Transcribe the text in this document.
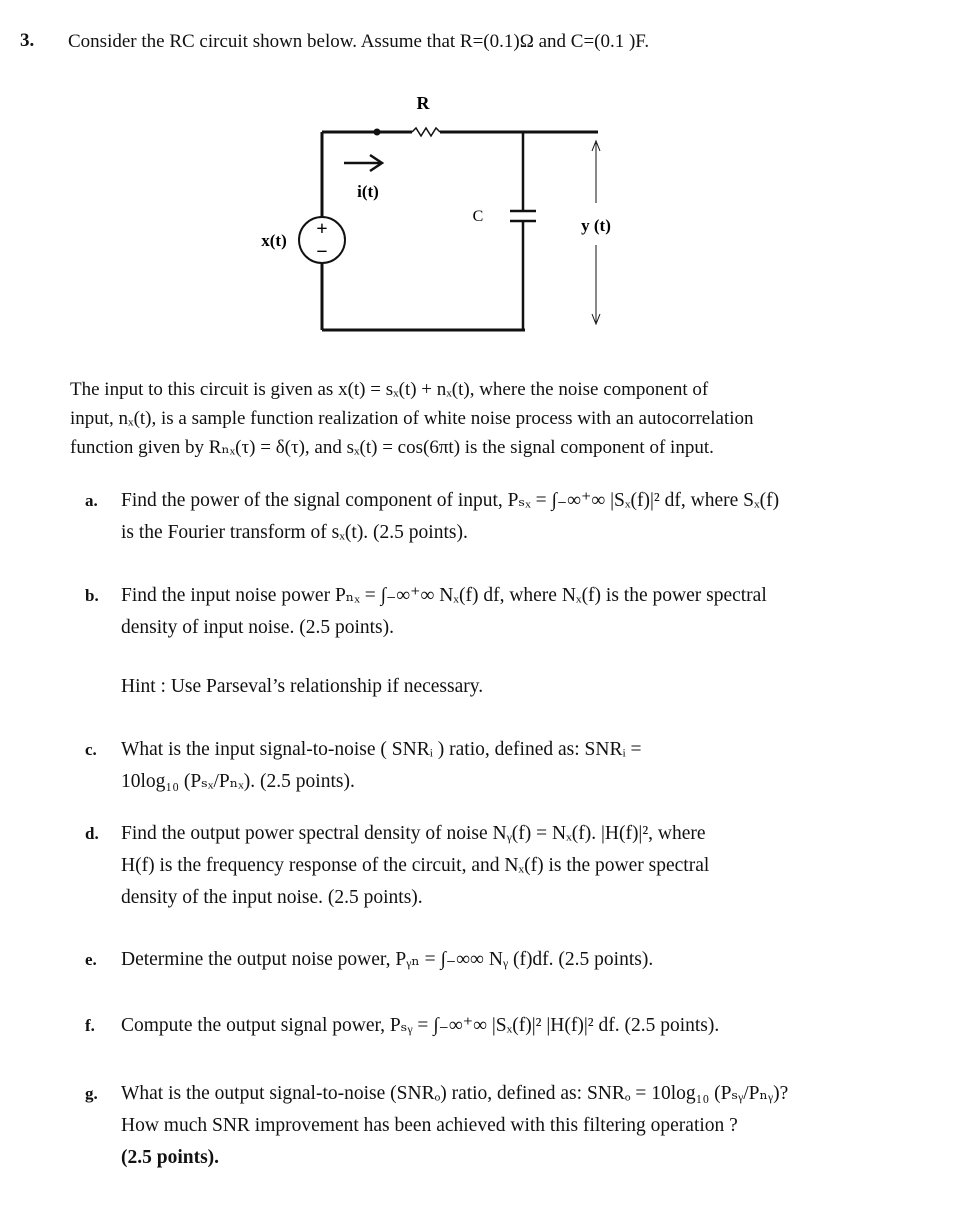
3. Consider the RC circuit shown below. Assume that R=(0.1)Ω and C=(0.1 )F.
R
i(t)
C	y (t)
x(t)
+
−
The input to this circuit is given as x(t) = sₓ(t) + nₓ(t), where the noise component of
input, nₓ(t), is a sample function realization of white noise process with an autocorrelation
function given by Rₙₓ(τ) = δ(τ), and sₓ(t) = cos(6πt) is the signal component of input.
a. Find the power of the signal component of input, Pₛₓ = ∫₋∞⁺∞ |Sₓ(f)|² df, where Sₓ(f)
is the Fourier transform of sₓ(t). (2.5 points).
b. Find the input noise power Pₙₓ = ∫₋∞⁺∞ Nₓ(f) df, where Nₓ(f) is the power spectral
density of input noise. (2.5 points).
Hint : Use Parseval’s relationship if necessary.
c. What is the input signal-to-noise ( SNRᵢ ) ratio, defined as: SNRᵢ =
10log₁₀ (Pₛₓ/Pₙₓ). (2.5 points).
d. Find the output power spectral density of noise Nᵧ(f) = Nₓ(f). |H(f)|², where
H(f) is the frequency response of the circuit, and Nₓ(f) is the power spectral
density of the input noise. (2.5 points).
e. Determine the output noise power, Pᵧₙ = ∫₋∞∞ Nᵧ (f)df. (2.5 points).
f. Compute the output signal power, Pₛᵧ = ∫₋∞⁺∞ |Sₓ(f)|² |H(f)|² df. (2.5 points).
g. What is the output signal-to-noise (SNRₒ) ratio, defined as: SNRₒ = 10log₁₀ (Pₛᵧ/Pₙᵧ)?
How much SNR improvement has been achieved with this filtering operation ?
(2.5 points).
